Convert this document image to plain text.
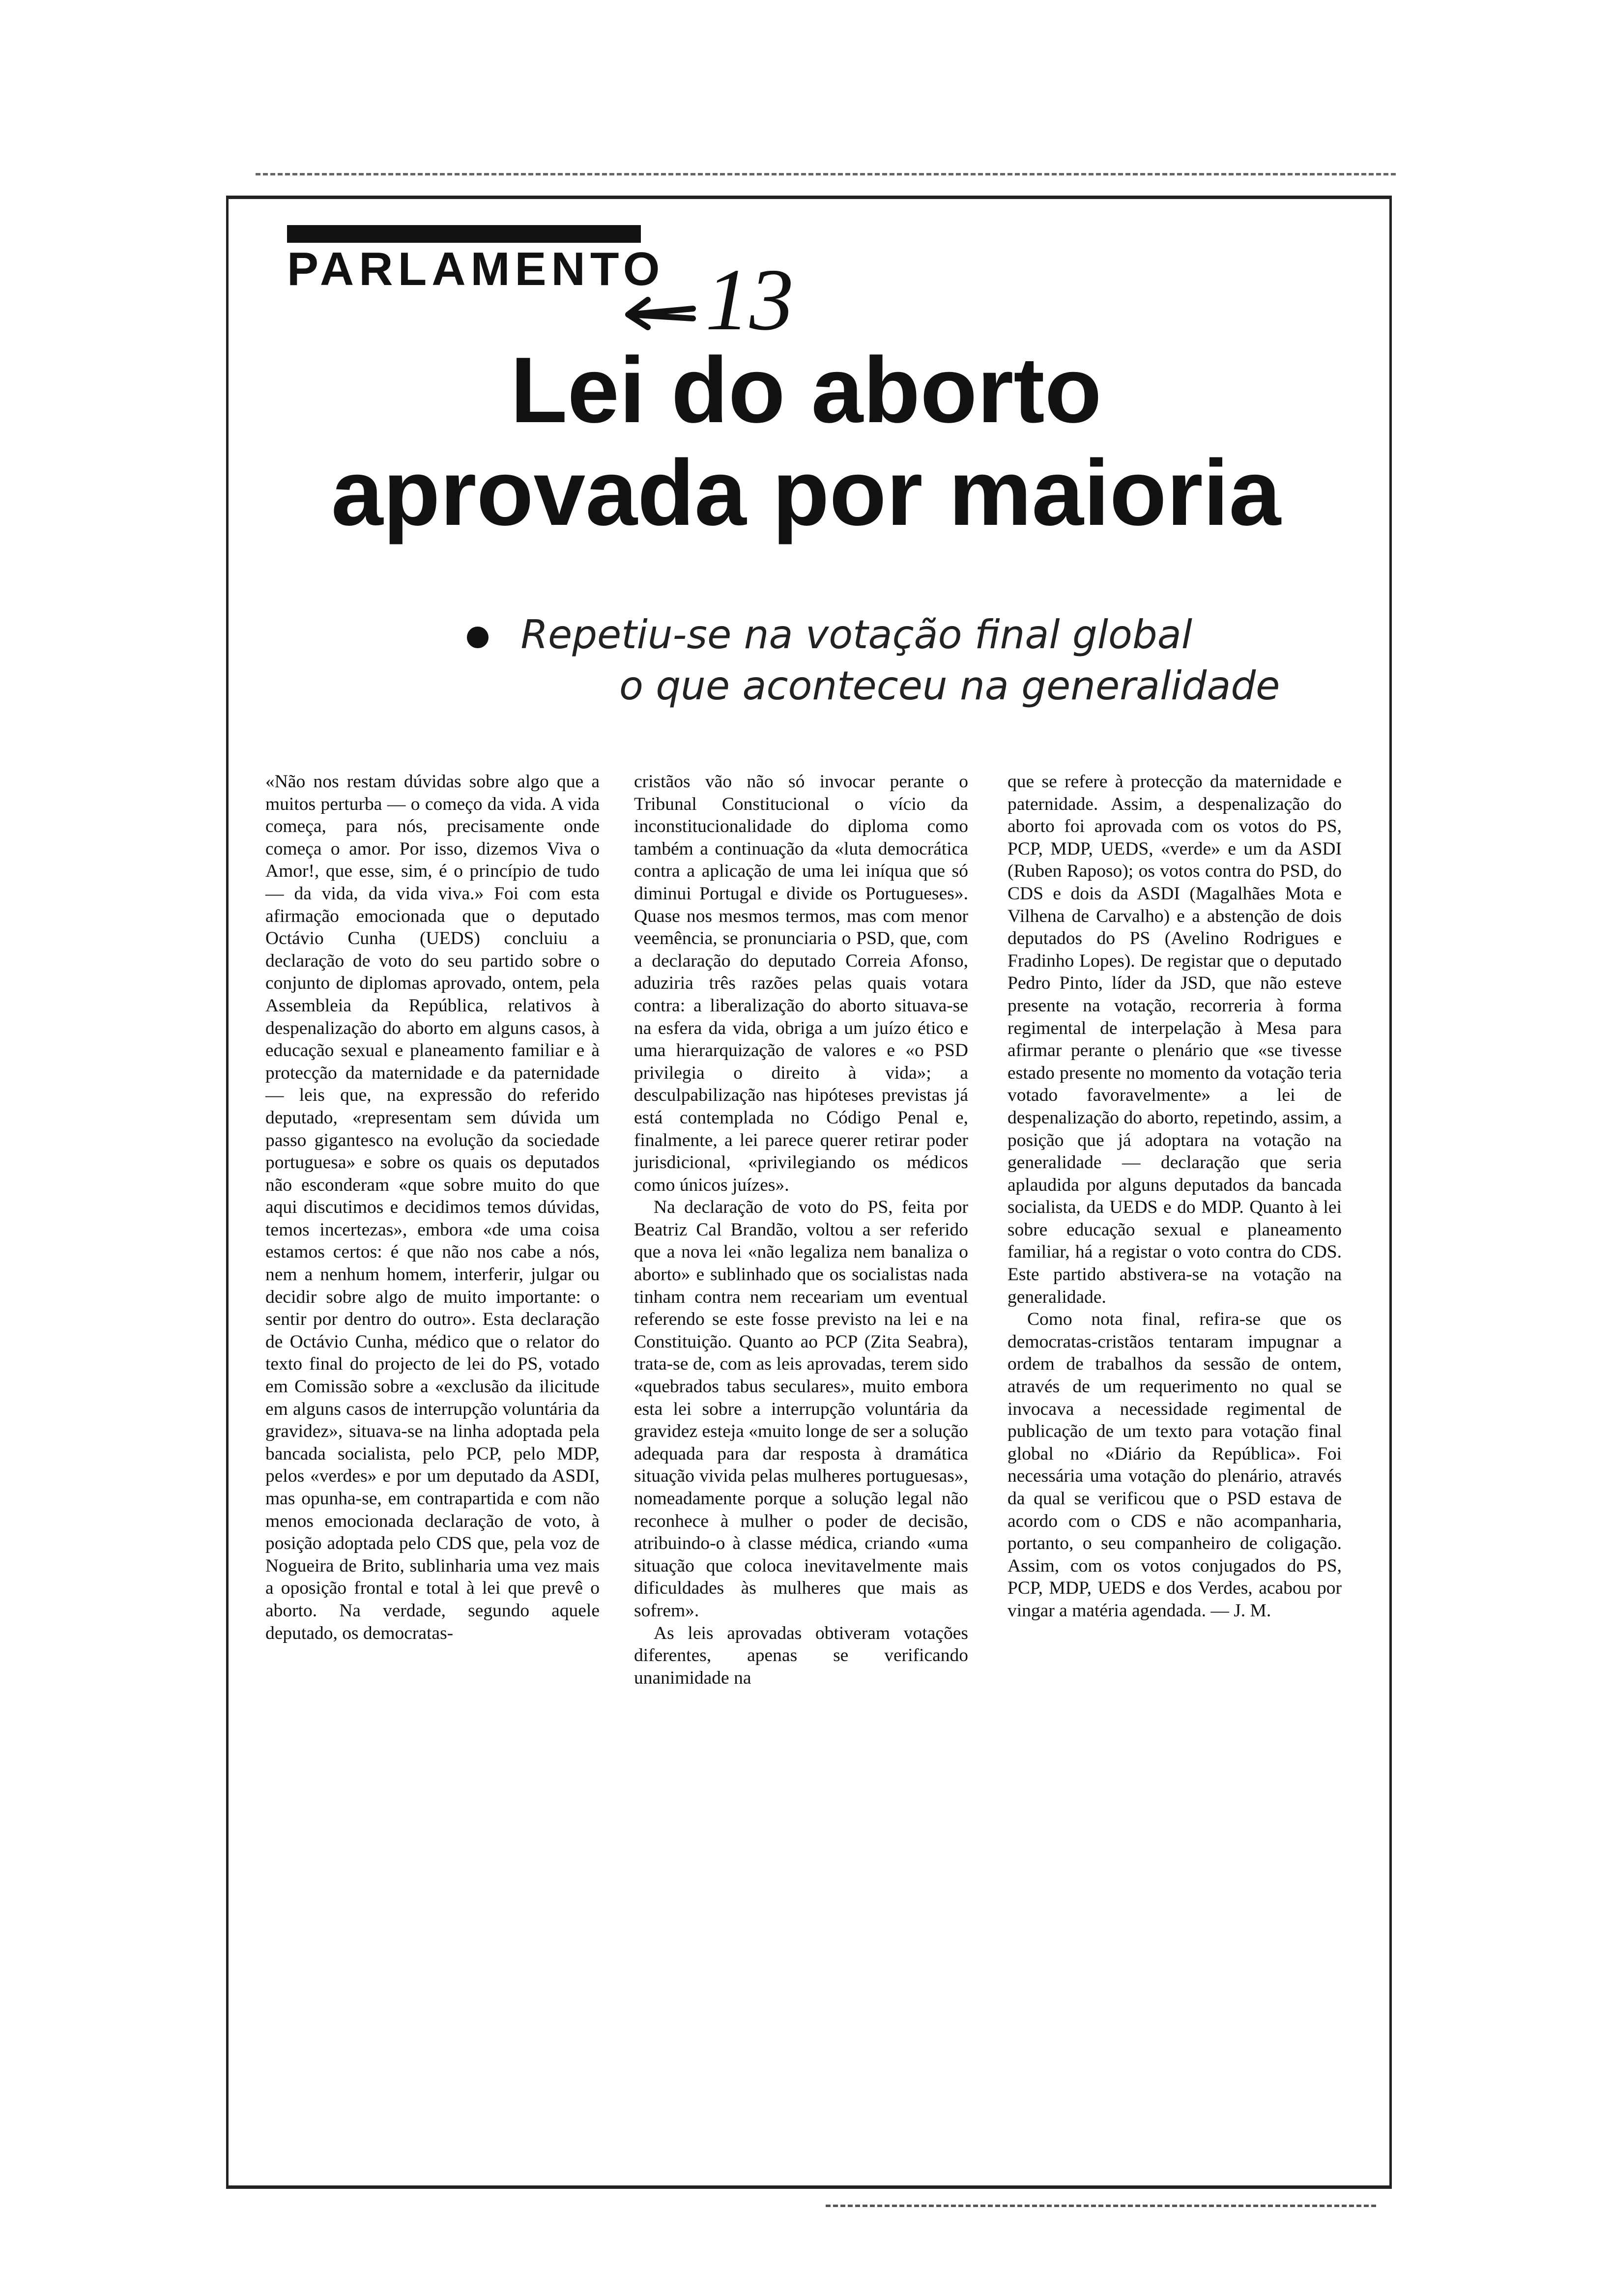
PARLAMENTO 13
Lei do aborto
aprovada por maioria
Repetiu-se na votação final global
o que aconteceu na generalidade

«Não nos restam dúvidas sobre algo que a muitos perturba — o começo da vida. A vida começa, para nós, precisamente onde começa o amor. Por isso, dizemos Viva o Amor!, que esse, sim, é o princípio de tudo — da vida, da vida viva.» Foi com esta afirmação emocionada que o deputado Octávio Cunha (UEDS) concluiu a declaração de voto do seu partido sobre o conjunto de diplomas aprovado, ontem, pela Assembleia da República, relativos à despenalização do aborto em alguns casos, à educação sexual e planeamento familiar e à protecção da maternidade e da paternidade — leis que, na expressão do referido deputado, «representam sem dúvida um passo gigantesco na evolução da sociedade portuguesa» e sobre os quais os deputados não esconderam «que sobre muito do que aqui discutimos e decidimos temos dúvidas, temos incertezas», embora «de uma coisa estamos certos: é que não nos cabe a nós, nem a nenhum homem, interferir, julgar ou decidir sobre algo de muito importante: o sentir por dentro do outro». Esta declaração de Octávio Cunha, médico que o relator do texto final do projecto de lei do PS, votado em Comissão sobre a «exclusão da ilicitude em alguns casos de interrupção voluntária da gravidez», situava-se na linha adoptada pela bancada socialista, pelo PCP, pelo MDP, pelos «verdes» e por um deputado da ASDI, mas opunha-se, em contrapartida e com não menos emocionada declaração de voto, à posição adoptada pelo CDS que, pela voz de Nogueira de Brito, sublinharia uma vez mais a oposição frontal e total à lei que prevê o aborto. Na verdade, segundo aquele deputado, os democratas-

cristãos vão não só invocar perante o Tribunal Constitucional o vício da inconstitucionalidade do diploma como também a continuação da «luta democrática contra a aplicação de uma lei iníqua que só diminui Portugal e divide os Portugueses». Quase nos mesmos termos, mas com menor veemência, se pronunciaria o PSD, que, com a declaração do deputado Correia Afonso, aduziria três razões pelas quais votara contra: a liberalização do aborto situava-se na esfera da vida, obriga a um juízo ético e uma hierarquização de valores e «o PSD privilegia o direito à vida»; a desculpabilização nas hipóteses previstas já está contemplada no Código Penal e, finalmente, a lei parece querer retirar poder jurisdicional, «privilegiando os médicos como únicos juízes».

Na declaração de voto do PS, feita por Beatriz Cal Brandão, voltou a ser referido que a nova lei «não legaliza nem banaliza o aborto» e sublinhado que os socialistas nada tinham contra nem receariam um eventual referendo se este fosse previsto na lei e na Constituição. Quanto ao PCP (Zita Seabra), trata-se de, com as leis aprovadas, terem sido «quebrados tabus seculares», muito embora esta lei sobre a interrupção voluntária da gravidez esteja «muito longe de ser a solução adequada para dar resposta à dramática situação vivida pelas mulheres portuguesas», nomeadamente porque a solução legal não reconhece à mulher o poder de decisão, atribuindo-o à classe médica, criando «uma situação que coloca inevitavelmente mais dificuldades às mulheres que mais as sofrem».

As leis aprovadas obtiveram votações diferentes, apenas se verificando unanimidade na

que se refere à protecção da maternidade e paternidade. Assim, a despenalização do aborto foi aprovada com os votos do PS, PCP, MDP, UEDS, «verde» e um da ASDI (Ruben Raposo); os votos contra do PSD, do CDS e dois da ASDI (Magalhães Mota e Vilhena de Carvalho) e a abstenção de dois deputados do PS (Avelino Rodrigues e Fradinho Lopes). De registar que o deputado Pedro Pinto, líder da JSD, que não esteve presente na votação, recorreria à forma regimental de interpelação à Mesa para afirmar perante o plenário que «se tivesse estado presente no momento da votação teria votado favoravelmente» a lei de despenalização do aborto, repetindo, assim, a posição que já adoptara na votação na generalidade — declaração que seria aplaudida por alguns deputados da bancada socialista, da UEDS e do MDP. Quanto à lei sobre educação sexual e planeamento familiar, há a registar o voto contra do CDS. Este partido abstivera-se na votação na generalidade.

Como nota final, refira-se que os democratas-cristãos tentaram impugnar a ordem de trabalhos da sessão de ontem, através de um requerimento no qual se invocava a necessidade regimental de publicação de um texto para votação final global no «Diário da República». Foi necessária uma votação do plenário, através da qual se verificou que o PSD estava de acordo com o CDS e não acompanharia, portanto, o seu companheiro de coligação. Assim, com os votos conjugados do PS, PCP, MDP, UEDS e dos Verdes, acabou por vingar a matéria agendada. — J. M.
